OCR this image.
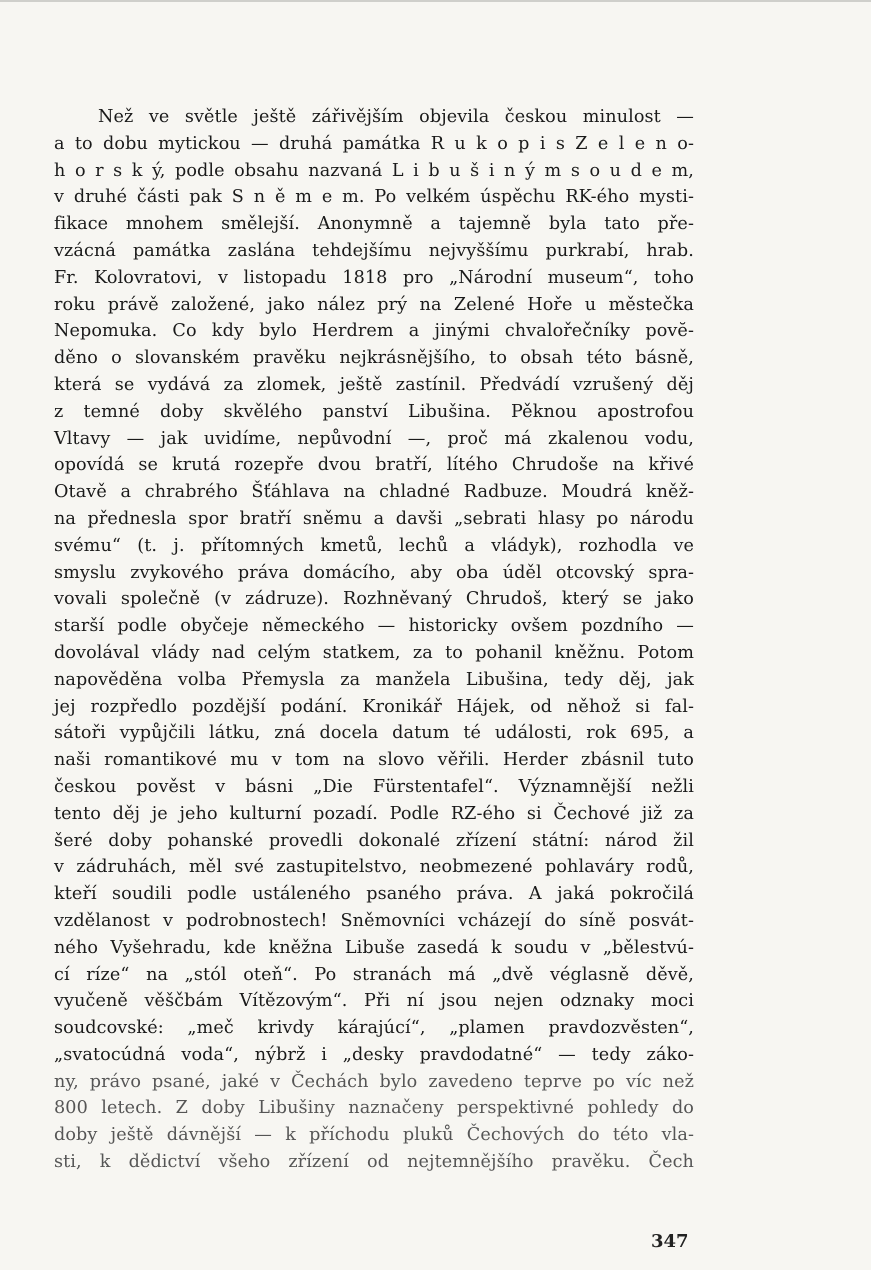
Než ve světle ještě zářivějším objevila českou minulost —
a to dobu mytickou — druhá památka R u k o p i s Z e l e n o-
h o r s k ý, podle obsahu nazvaná L i b u š i n ý m s o u d e m,
v druhé části pak S n ě m e m. Po velkém úspěchu RK-ého mysti-
fikace mnohem smělejší. Anonymně a tajemně byla tato pře-
vzácná památka zaslána tehdejšímu nejvyššímu purkrabí, hrab.
Fr. Kolovratovi, v listopadu 1818 pro „Národní museum“, toho
roku právě založené, jako nález prý na Zelené Hoře u městečka
Nepomuka. Co kdy bylo Herdrem a jinými chvalořečníky povĕ-
děno o slovanském pravěku nejkrásnějšího, to obsah této básně,
která se vydává za zlomek, ještě zastínil. Předvádí vzrušený děj
z temné doby skvělého panství Libušina. Pěknou apostrofou
Vltavy — jak uvidíme, nepůvodní —, proč má zkalenou vodu,
opovídá se krutá rozepře dvou bratří, lítého Chrudoše na křivé
Otavě a chrabrého Šťáhlava na chladné Radbuze. Moudrá kněž-
na přednesla spor bratří sněmu a davši „sebrati hlasy po národu
svému“ (t. j. přítomných kmetů, lechů a vládyk), rozhodla ve
smyslu zvykového práva domácího, aby oba úděl otcovský spra-
vovali společně (v zádruze). Rozhněvaný Chrudoš, který se jako
starší podle obyčeje německého — historicky ovšem pozdního —
dovolával vlády nad celým statkem, za to pohanil kněžnu. Potom
napověděna volba Přemysla za manžela Libušina, tedy děj, jak
jej rozpředlo pozdější podání. Kronikář Hájek, od něhož si fal-
sátoři vypůjčili látku, zná docela datum té události, rok 695, a
naši romantikové mu v tom na slovo věřili. Herder zbásnil tuto
českou pověst v básni „Die Fürstentafel“. Významnější nežli
tento děj je jeho kulturní pozadí. Podle RZ-ého si Čechové již za
šeré doby pohanské provedli dokonalé zřízení státní: národ žil
v zádruhách, měl své zastupitelstvo, neobmezené pohlaváry rodů,
kteří soudili podle ustáleného psaného práva. A jaká pokročilá
vzdělanost v podrobnostech! Sněmovníci vcházejí do síně posvát-
ného Vyšehradu, kde kněžna Libuše zasedá k soudu v „bělestvú-
cí ríze“ na „stól oteň“. Po stranách má „dvě véglasně děvě,
vyučeně věščbám Vítězovým“. Při ní jsou nejen odznaky moci
soudcovské: „meč krivdy kárajúcí“, „plamen pravdozvěsten“,
„svatocúdná voda“, nýbrž i „desky pravdodatné“ — tedy záko-
ny, právo psané, jaké v Čechách bylo zavedeno teprve po víc než
800 letech. Z doby Libušiny naznačeny perspektivné pohledy do
doby ještě dávnější — k příchodu pluků Čechových do této vla-
sti, k dědictví všeho zřízení od nejtemnějšího pravěku. Čech
347
